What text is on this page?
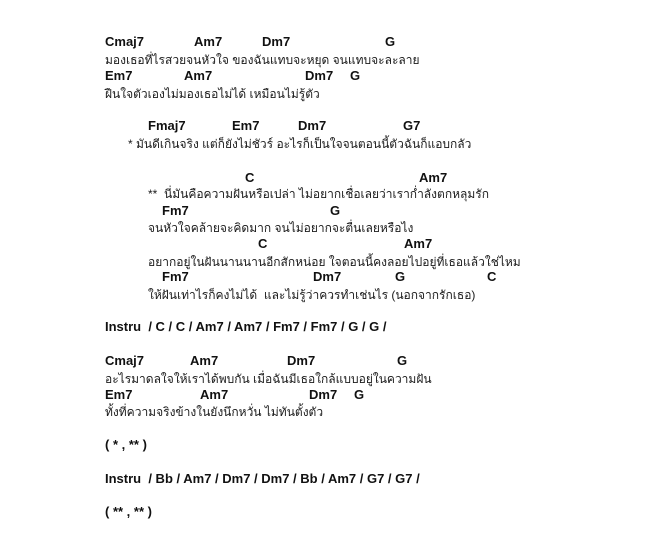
Cmaj7	Am7	Dm7	G
มองเธอที่ไรสวยจนหัวใจ ของฉันแทบจะหยุด จนแทบจะละลาย
Em7	Am7	Dm7 G
ฝืนใจตัวเองไม่มองเธอไม่ได้ เหมือนไม่รู้ตัว
Fmaj7	Em7	Dm7	G7
* มันดีเกินจริง แต่ก็ยังไม่ชัวร์ อะไรก็เป็นใจจนตอนนี้ตัวฉันก็แอบกลัว
C	Am7
**  นี่มันคือความฝันหรือเปล่า ไม่อยากเชื่อเลยว่าเราก่ำลังตกหลุมรัก
Fm7	G
จนหัวใจคล้ายจะคิดมาก จนไม่อยากจะตื่นเลยหรือไง
C	Am7
อยากอยู่ในฝันนานนานอีกสักหน่อย ใจตอนนี้คงลอยไปอยู่ที่เธอแล้วใช่ไหม
Fm7	Dm7	G	C
ให้ฝันเท่าไรก็คงไม่ได้  และไม่รู้ว่าควรทำเช่นไร (นอกจากรักเธอ)
Instru  / C / C / Am7 / Am7 / Fm7 / Fm7 / G / G /
Cmaj7	Am7	Dm7	G
อะไรมาดลใจให้เราได้พบกัน เมื่อฉันมีเธอใกล้แบบอยู่ในความฝัน
Em7	Am7	Dm7 G
ทั้งที่ความจริงข้างในยังนึกหวั่น ไม่ทันตั้งตัว
( * , ** )
Instru  / Bb / Am7 / Dm7 / Dm7 / Bb / Am7 / G7 / G7 /
( ** , ** )
